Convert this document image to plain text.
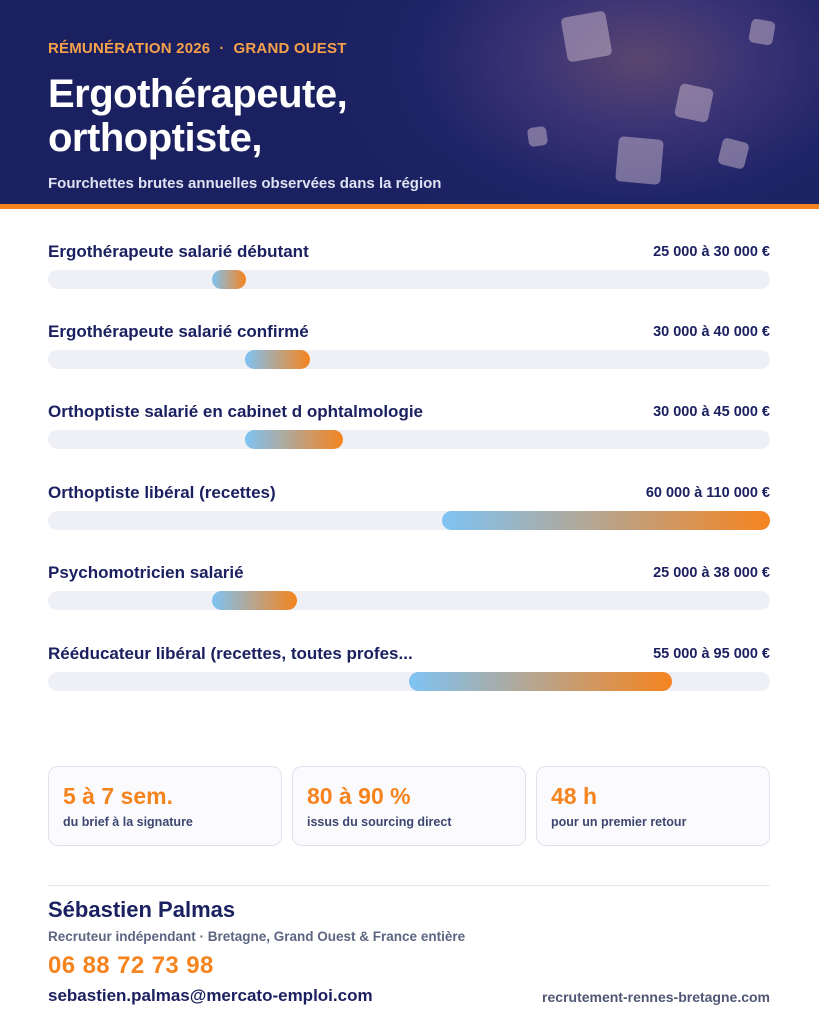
RÉMUNÉRATION 2026 · GRAND OUEST
Ergothérapeute, orthoptiste,
Fourchettes brutes annuelles observées dans la région
Ergothérapeute salarié débutant	25 000 à 30 000 €
Ergothérapeute salarié confirmé	30 000 à 40 000 €
Orthoptiste salarié en cabinet d ophtalmologie	30 000 à 45 000 €
Orthoptiste libéral (recettes)	60 000 à 110 000 €
Psychomotricien salarié	25 000 à 38 000 €
Rééducateur libéral (recettes, toutes profes...	55 000 à 95 000 €
5 à 7 sem.
du brief à la signature
80 à 90 %
issus du sourcing direct
48 h
pour un premier retour
Sébastien Palmas
Recruteur indépendant · Bretagne, Grand Ouest & France entière
06 88 72 73 98
sebastien.palmas@mercato-emploi.com	recrutement-rennes-bretagne.com
